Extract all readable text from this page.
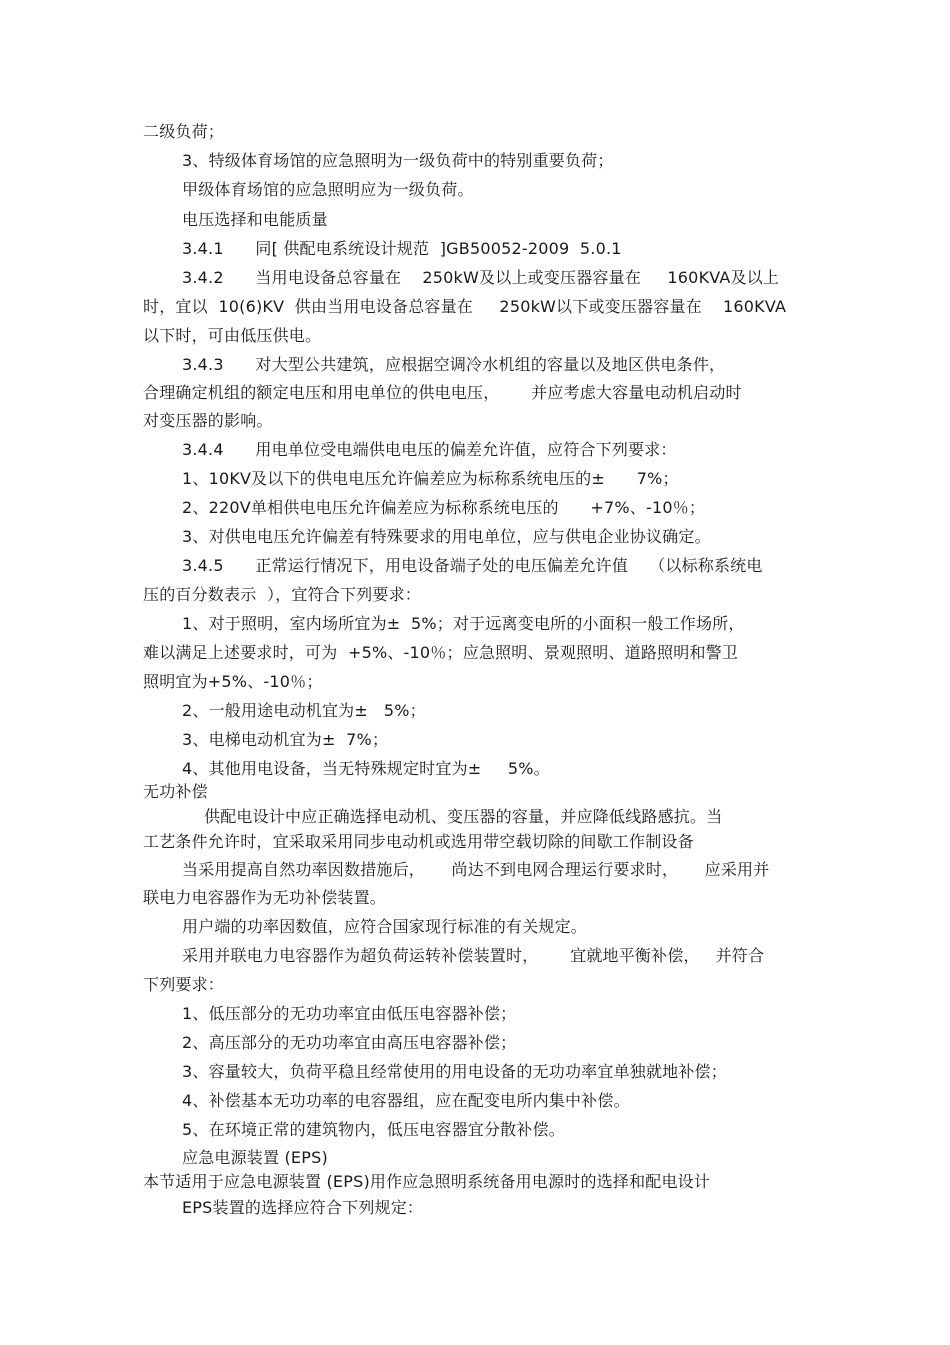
二级负荷；
3、特级体育场馆的应急照明为一级负荷中的特别重要负荷；
甲级体育场馆的应急照明应为一级负荷。
电压选择和电能质量
3.4.1      同[ 供配电系统设计规范  ]GB50052-2009  5.0.1
3.4.2      当用电设备总容量在    250kW及以上或变压器容量在     160KVA及以上
时，宜以  10(6)KV  供由当用电设备总容量在     250kW以下或变压器容量在    160KVA
以下时，可由低压供电。
3.4.3      对大型公共建筑，应根据空调冷水机组的容量以及地区供电条件，
合理确定机组的额定电压和用电单位的供电电压，      并应考虑大容量电动机启动时
对变压器的影响。
3.4.4      用电单位受电端供电电压的偏差允许值，应符合下列要求：
1、10KV及以下的供电电压允许偏差应为标称系统电压的±      7%；
2、220V单相供电电压允许偏差应为标称系统电压的      +7%、-10％；
3、对供电电压允许偏差有特殊要求的用电单位，应与供电企业协议确定。
3.4.5      正常运行情况下，用电设备端子处的电压偏差允许值    （以标称系统电
压的百分数表示  ），宜符合下列要求：
1、对于照明，室内场所宜为±  5%；对于远离变电所的小面积一般工作场所，
难以满足上述要求时，可为  +5%、-10％；应急照明、景观照明、道路照明和警卫
照明宜为+5%、-10％；
2、一般用途电动机宜为±   5%；
3、电梯电动机宜为±  7%；
4、其他用电设备，当无特殊规定时宜为±     5%。
无功补偿
供配电设计中应正确选择电动机、变压器的容量，并应降低线路感抗。当
工艺条件允许时，宜采取采用同步电动机或选用带空载切除的间歇工作制设备
当采用提高自然功率因数措施后，     尚达不到电网合理运行要求时，     应采用并
联电力电容器作为无功补偿装置。
用户端的功率因数值，应符合国家现行标准的有关规定。
采用并联电力电容器作为超负荷运转补偿装置时，      宜就地平衡补偿，   并符合
下列要求：
1、低压部分的无功功率宜由低压电容器补偿；
2、高压部分的无功功率宜由高压电容器补偿；
3、容量较大，负荷平稳且经常使用的用电设备的无功功率宜单独就地补偿；
4、补偿基本无功功率的电容器组，应在配变电所内集中补偿。
5、在环境正常的建筑物内，低压电容器宜分散补偿。
应急电源装置 (EPS)
本节适用于应急电源装置 (EPS)用作应急照明系统备用电源时的选择和配电设计
EPS装置的选择应符合下列规定：
